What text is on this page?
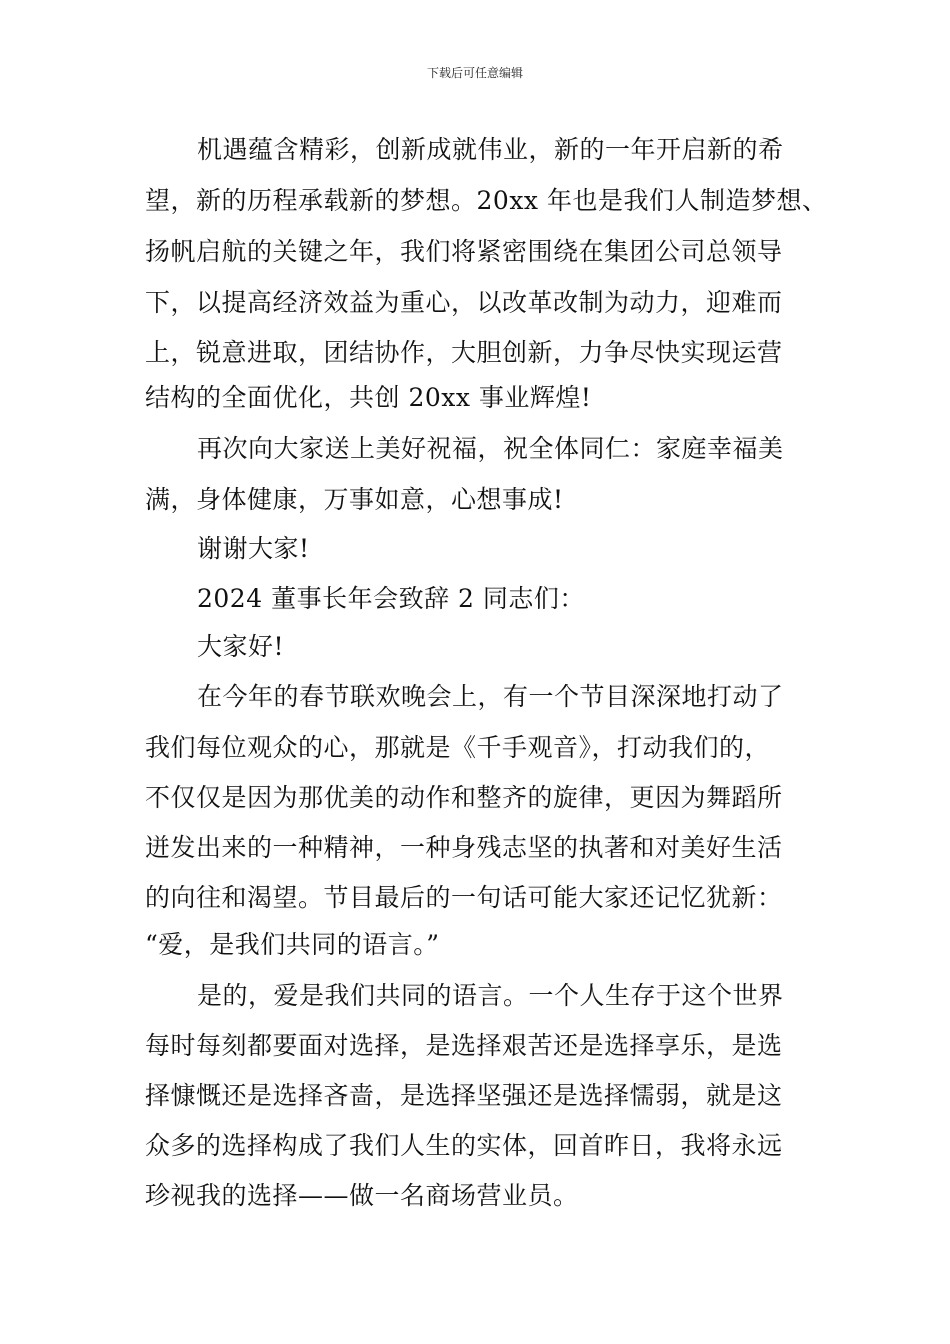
下载后可任意编辑
机遇蕴含精彩，创新成就伟业，新的一年开启新的希
望，新的历程承载新的梦想。20xx 年也是我们人制造梦想、
扬帆启航的关键之年，我们将紧密围绕在集团公司总领导
下，以提高经济效益为重心，以改革改制为动力，迎难而
上，锐意进取，团结协作，大胆创新，力争尽快实现运营
结构的全面优化，共创 20xx 事业辉煌!
再次向大家送上美好祝福，祝全体同仁：家庭幸福美
满，身体健康，万事如意，心想事成!
谢谢大家!
2024 董事长年会致辞 2 同志们：
大家好!
在今年的春节联欢晚会上，有一个节目深深地打动了
我们每位观众的心，那就是《千手观音》，打动我们的，
不仅仅是因为那优美的动作和整齐的旋律，更因为舞蹈所
迸发出来的一种精神，一种身残志坚的执著和对美好生活
的向往和渴望。节目最后的一句话可能大家还记忆犹新：
“爱，是我们共同的语言。”
是的，爱是我们共同的语言。一个人生存于这个世界
每时每刻都要面对选择，是选择艰苦还是选择享乐，是选
择慷慨还是选择吝啬，是选择坚强还是选择懦弱，就是这
众多的选择构成了我们人生的实体，回首昨日，我将永远
珍视我的选择——做一名商场营业员。
